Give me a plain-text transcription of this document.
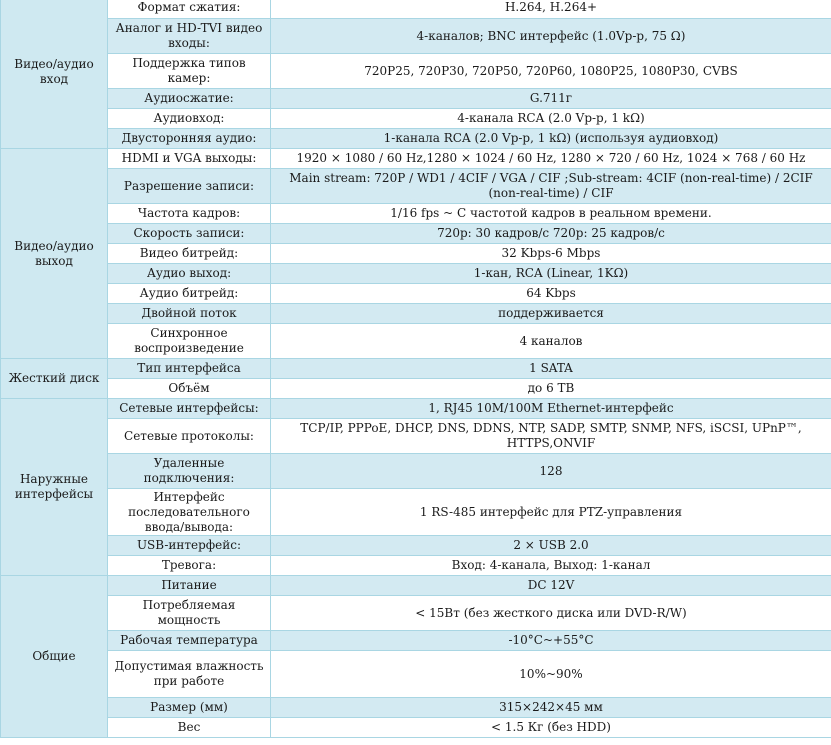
Видео/аудио вход	Формат сжатия:	H.264, H.264+
	Аналог и HD-TVI видео входы:	4-каналов; BNC интерфейс (1.0Vp-p, 75 Ω)
	Поддержка типов камер:	720P25, 720P30, 720P50, 720P60, 1080P25, 1080P30, CVBS
	Аудиосжатие:	G.711г
	Аудиовход:	4-канала RCA (2.0 Vp-p, 1 kΩ)
	Двусторонняя аудио:	1-канала RCA (2.0 Vp-p, 1 kΩ) (используя аудиовход)
Видео/аудио выход	HDMI и VGA выходы:	1920 × 1080 / 60 Hz,1280 × 1024 / 60 Hz, 1280 × 720 / 60 Hz, 1024 × 768 / 60 Hz
	Разрешение записи:	Main stream: 720P / WD1 / 4CIF / VGA / CIF ;Sub-stream: 4CIF (non-real-time) / 2CIF (non-real-time) / CIF
	Частота кадров:	1/16 fps ~ С частотой кадров в реальном времени.
	Скорость записи:	720p: 30 кадров/с 720p: 25 кадров/с
	Видео битрейд:	32 Kbps-6 Mbps
	Аудио выход:	1-кан, RCA (Linear, 1KΩ)
	Аудио битрейд:	64 Kbps
	Двойной поток	поддерживается
	Синхронное воспроизведение	4 каналов
Жесткий диск	Тип интерфейса	1 SATA
	Объём	до 6 TB
Наружные интерфейсы	Сетевые интерфейсы:	1, RJ45 10M/100M Ethernet-интерфейс
	Сетевые протоколы:	TCP/IP, PPPoE, DHCP, DNS, DDNS, NTP, SADP, SMTP, SNMP, NFS, iSCSI, UPnP™, HTTPS,ONVIF
	Удаленные подключения:	128
	Интерфейс последовательного ввода/вывода:	1 RS-485 интерфейс для PTZ-управления
	USB-интерфейс:	2 × USB 2.0
	Тревога:	Вход: 4-канала, Выход: 1-канал
Общие	Питание	DC 12V
	Потребляемая мощность	< 15Вт (без жесткого диска или DVD-R/W)
	Рабочая температура	-10°C~+55°C
	Допустимая влажность при работе	10%~90%
	Размер (мм)	315×242×45 мм
	Вес	< 1.5 Кг (без HDD)
